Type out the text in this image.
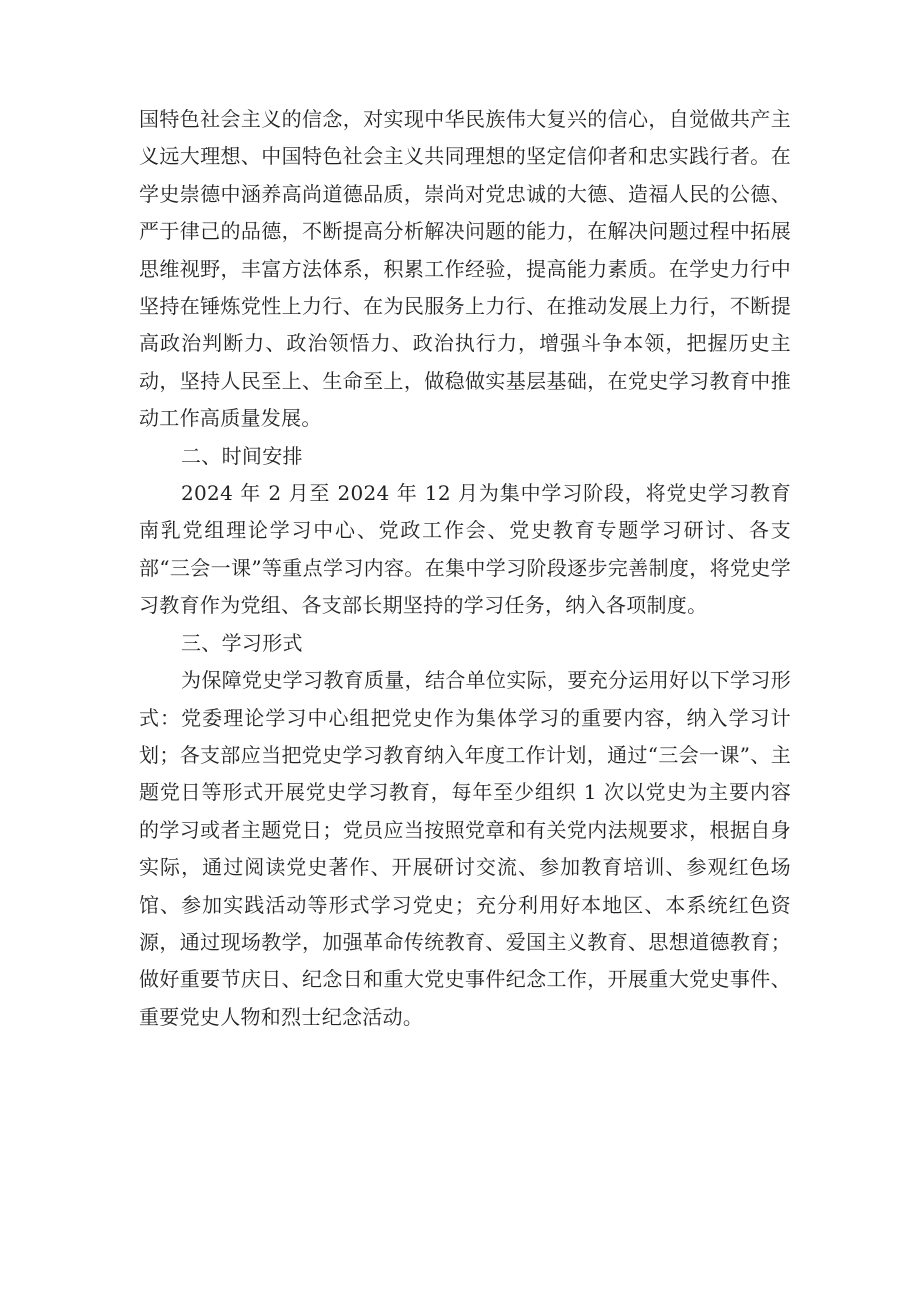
国特色社会主义的信念，对实现中华民族伟大复兴的信心，自觉做共产主义远大理想、中国特色社会主义共同理想的坚定信仰者和忠实践行者。在学史崇德中涵养高尚道德品质，崇尚对党忠诚的大德、造福人民的公德、严于律己的品德，不断提高分析解决问题的能力，在解决问题过程中拓展思维视野，丰富方法体系，积累工作经验，提高能力素质。在学史力行中坚持在锤炼党性上力行、在为民服务上力行、在推动发展上力行，不断提高政治判断力、政治领悟力、政治执行力，增强斗争本领，把握历史主动，坚持人民至上、生命至上，做稳做实基层基础，在党史学习教育中推动工作高质量发展。

二、时间安排

2024 年 2 月至 2024 年 12 月为集中学习阶段，将党史学习教育南乳党组理论学习中心、党政工作会、党史教育专题学习研讨、各支部“三会一课”等重点学习内容。在集中学习阶段逐步完善制度，将党史学习教育作为党组、各支部长期坚持的学习任务，纳入各项制度。

三、学习形式

为保障党史学习教育质量，结合单位实际，要充分运用好以下学习形式：党委理论学习中心组把党史作为集体学习的重要内容，纳入学习计划；各支部应当把党史学习教育纳入年度工作计划，通过“三会一课”、主题党日等形式开展党史学习教育，每年至少组织 1 次以党史为主要内容的学习或者主题党日；党员应当按照党章和有关党内法规要求，根据自身实际，通过阅读党史著作、开展研讨交流、参加教育培训、参观红色场馆、参加实践活动等形式学习党史；充分利用好本地区、本系统红色资源，通过现场教学，加强革命传统教育、爱国主义教育、思想道德教育；做好重要节庆日、纪念日和重大党史事件纪念工作，开展重大党史事件、重要党史人物和烈士纪念活动。
